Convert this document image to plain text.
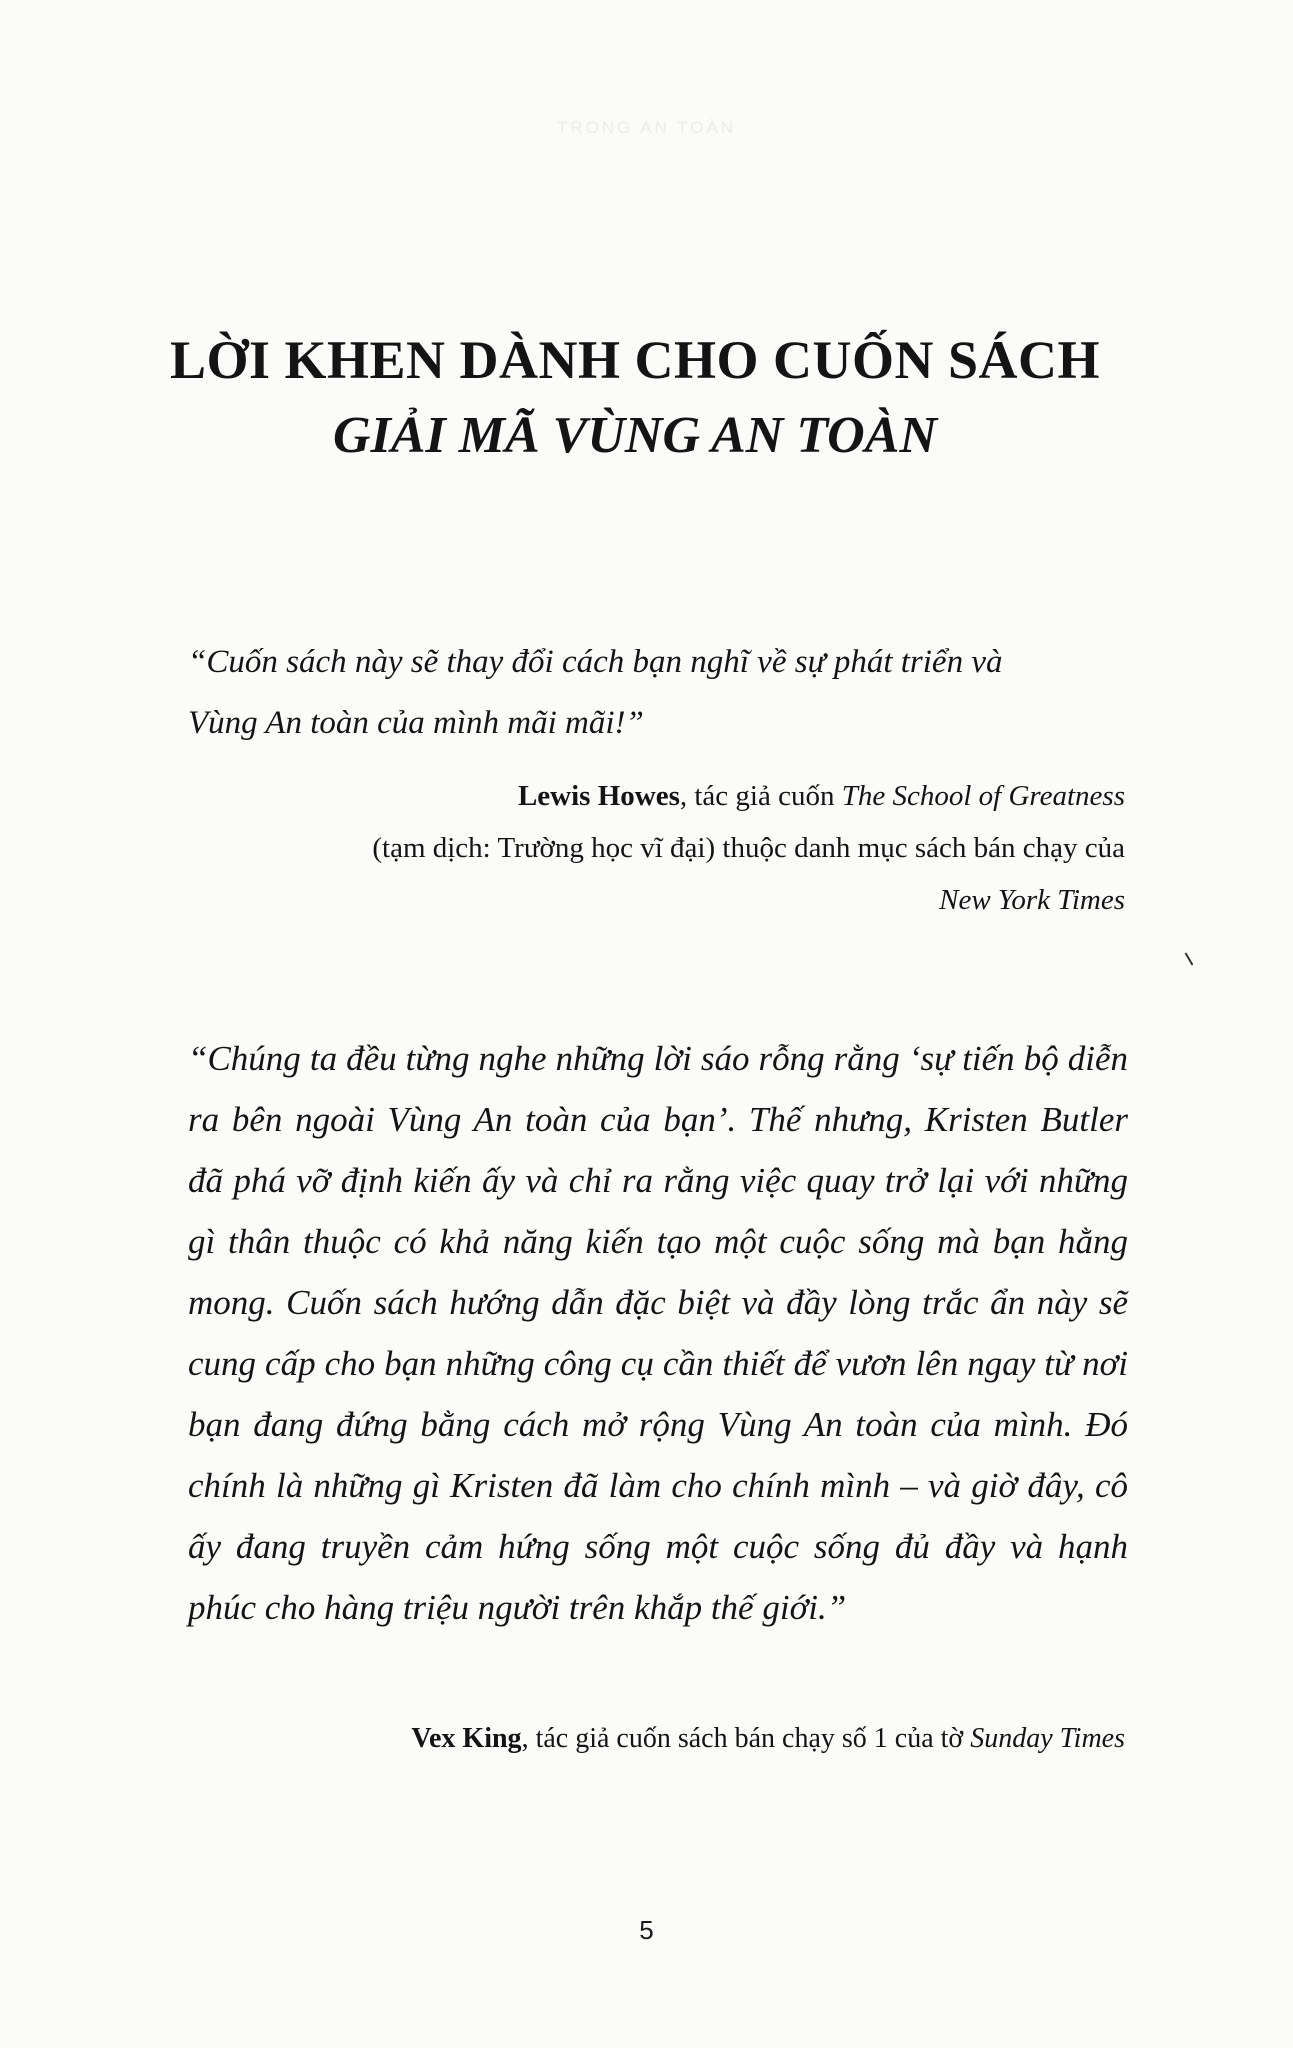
TRONG AN TOÀN

LỜI KHEN DÀNH CHO CUỐN SÁCH

GIẢI MÃ VÙNG AN TOÀN

“Cuốn sách này sẽ thay đổi cách bạn nghĩ về sự phát triển và
Vùng An toàn của mình mãi mãi!”

Lewis Howes, tác giả cuốn The School of Greatness
(tạm dịch: Trường học vĩ đại) thuộc danh mục sách bán chạy của
New York Times

“Chúng ta đều từng nghe những lời sáo rỗng rằng ‘sự tiến bộ diễn ra bên ngoài Vùng An toàn của bạn’. Thế nhưng, Kristen Butler đã phá vỡ định kiến ấy và chỉ ra rằng việc quay trở lại với những gì thân thuộc có khả năng kiến tạo một cuộc sống mà bạn hằng mong. Cuốn sách hướng dẫn đặc biệt và đầy lòng trắc ẩn này sẽ cung cấp cho bạn những công cụ cần thiết để vươn lên ngay từ nơi bạn đang đứng bằng cách mở rộng Vùng An toàn của mình. Đó chính là những gì Kristen đã làm cho chính mình – và giờ đây, cô ấy đang truyền cảm hứng sống một cuộc sống đủ đầy và hạnh phúc cho hàng triệu người trên khắp thế giới.”

Vex King, tác giả cuốn sách bán chạy số 1 của tờ Sunday Times

5
